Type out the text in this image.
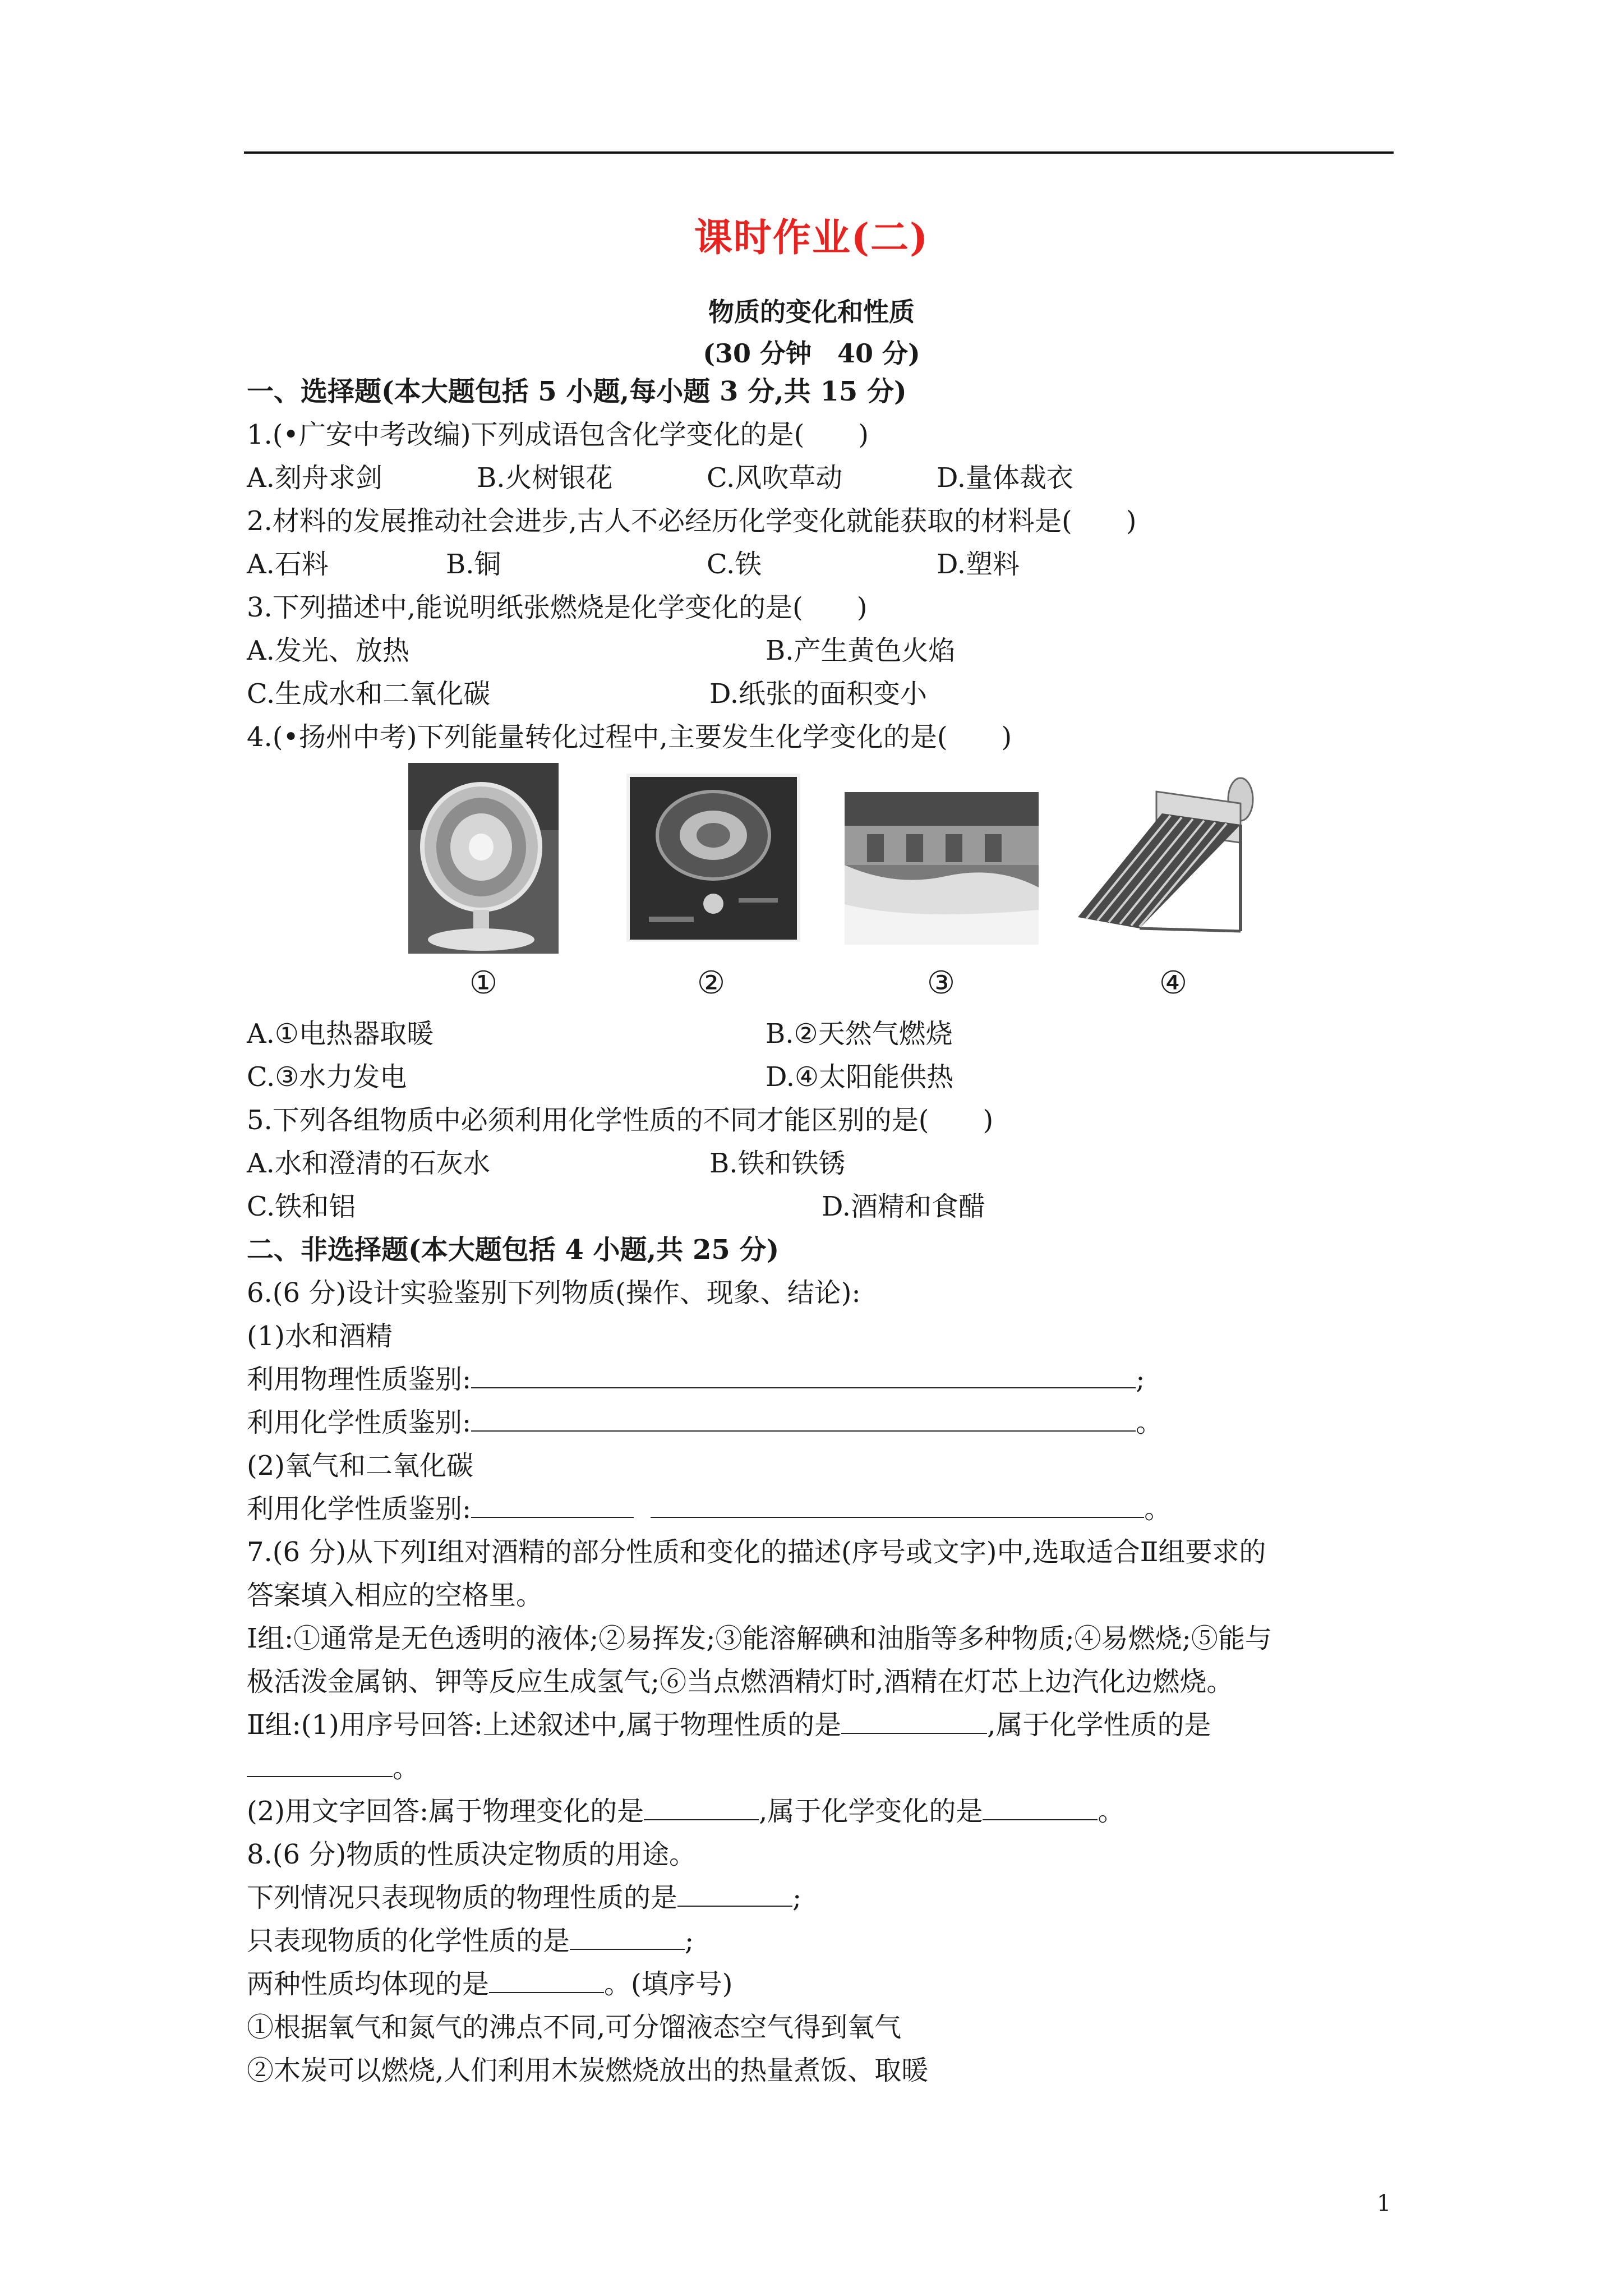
课时作业(二)
物质的变化和性质
(30 分钟　40 分)
一、选择题(本大题包括 5 小题,每小题 3 分,共 15 分)
1.(•广安中考改编)下列成语包含化学变化的是(　　)
A.刻舟求剑	B.火树银花	C.风吹草动	D.量体裁衣
2.材料的发展推动社会进步,古人不必经历化学变化就能获取的材料是(　　)
A.石料	B.铜	C.铁	D.塑料
3.下列描述中,能说明纸张燃烧是化学变化的是(　　)
A.发光、放热	B.产生黄色火焰
C.生成水和二氧化碳	D.纸张的面积变小
4.(•扬州中考)下列能量转化过程中,主要发生化学变化的是(　　)
①	②	③	④
A.①电热器取暖	B.②天然气燃烧
C.③水力发电	D.④太阳能供热
5.下列各组物质中必须利用化学性质的不同才能区别的是(　　)
A.水和澄清的石灰水	B.铁和铁锈
C.铁和铝	D.酒精和食醋
二、非选择题(本大题包括 4 小题,共 25 分)
6.(6 分)设计实验鉴别下列物质(操作、现象、结论):
(1)水和酒精
利用物理性质鉴别:	;
利用化学性质鉴别:	。
(2)氧气和二氧化碳
利用化学性质鉴别:	。
7.(6 分)从下列Ⅰ组对酒精的部分性质和变化的描述(序号或文字)中,选取适合Ⅱ组要求的
答案填入相应的空格里。
Ⅰ组:①通常是无色透明的液体;②易挥发;③能溶解碘和油脂等多种物质;④易燃烧;⑤能与
极活泼金属钠、钾等反应生成氢气;⑥当点燃酒精灯时,酒精在灯芯上边汽化边燃烧。
Ⅱ组:(1)用序号回答:上述叙述中,属于物理性质的是	,属于化学性质的是
。
(2)用文字回答:属于物理变化的是	,属于化学变化的是	。
8.(6 分)物质的性质决定物质的用途。
下列情况只表现物质的物理性质的是	;
只表现物质的化学性质的是	;
两种性质均体现的是	。(填序号)
①根据氧气和氮气的沸点不同,可分馏液态空气得到氧气
②木炭可以燃烧,人们利用木炭燃烧放出的热量煮饭、取暖
1
